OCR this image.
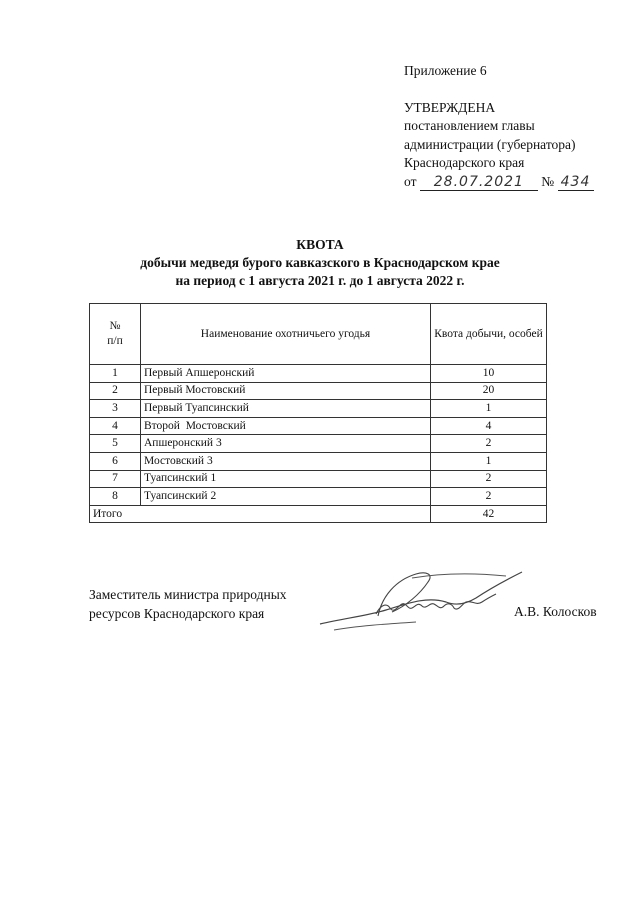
Приложение 6
УТВЕРЖДЕНА
постановлением главы
администрации (губернатора)
Краснодарского края
от 28.07.2021 № 434
КВОТА
добычи медведя бурого кавказского в Краснодарском крае
на период с 1 августа 2021 г. до 1 августа 2022 г.
№
п/п	Наименование охотничьего угодья	Квота добычи, особей
1	Первый Апшеронский	10
2	Первый Мостовский	20
3	Первый Туапсинский	1
4	Второй  Мостовский	4
5	Апшеронский 3	2
6	Мостовский 3	1
7	Туапсинский 1	2
8	Туапсинский 2	2
Итого		42
Заместитель министра природных
ресурсов Краснодарского края	А.В. Колосков
